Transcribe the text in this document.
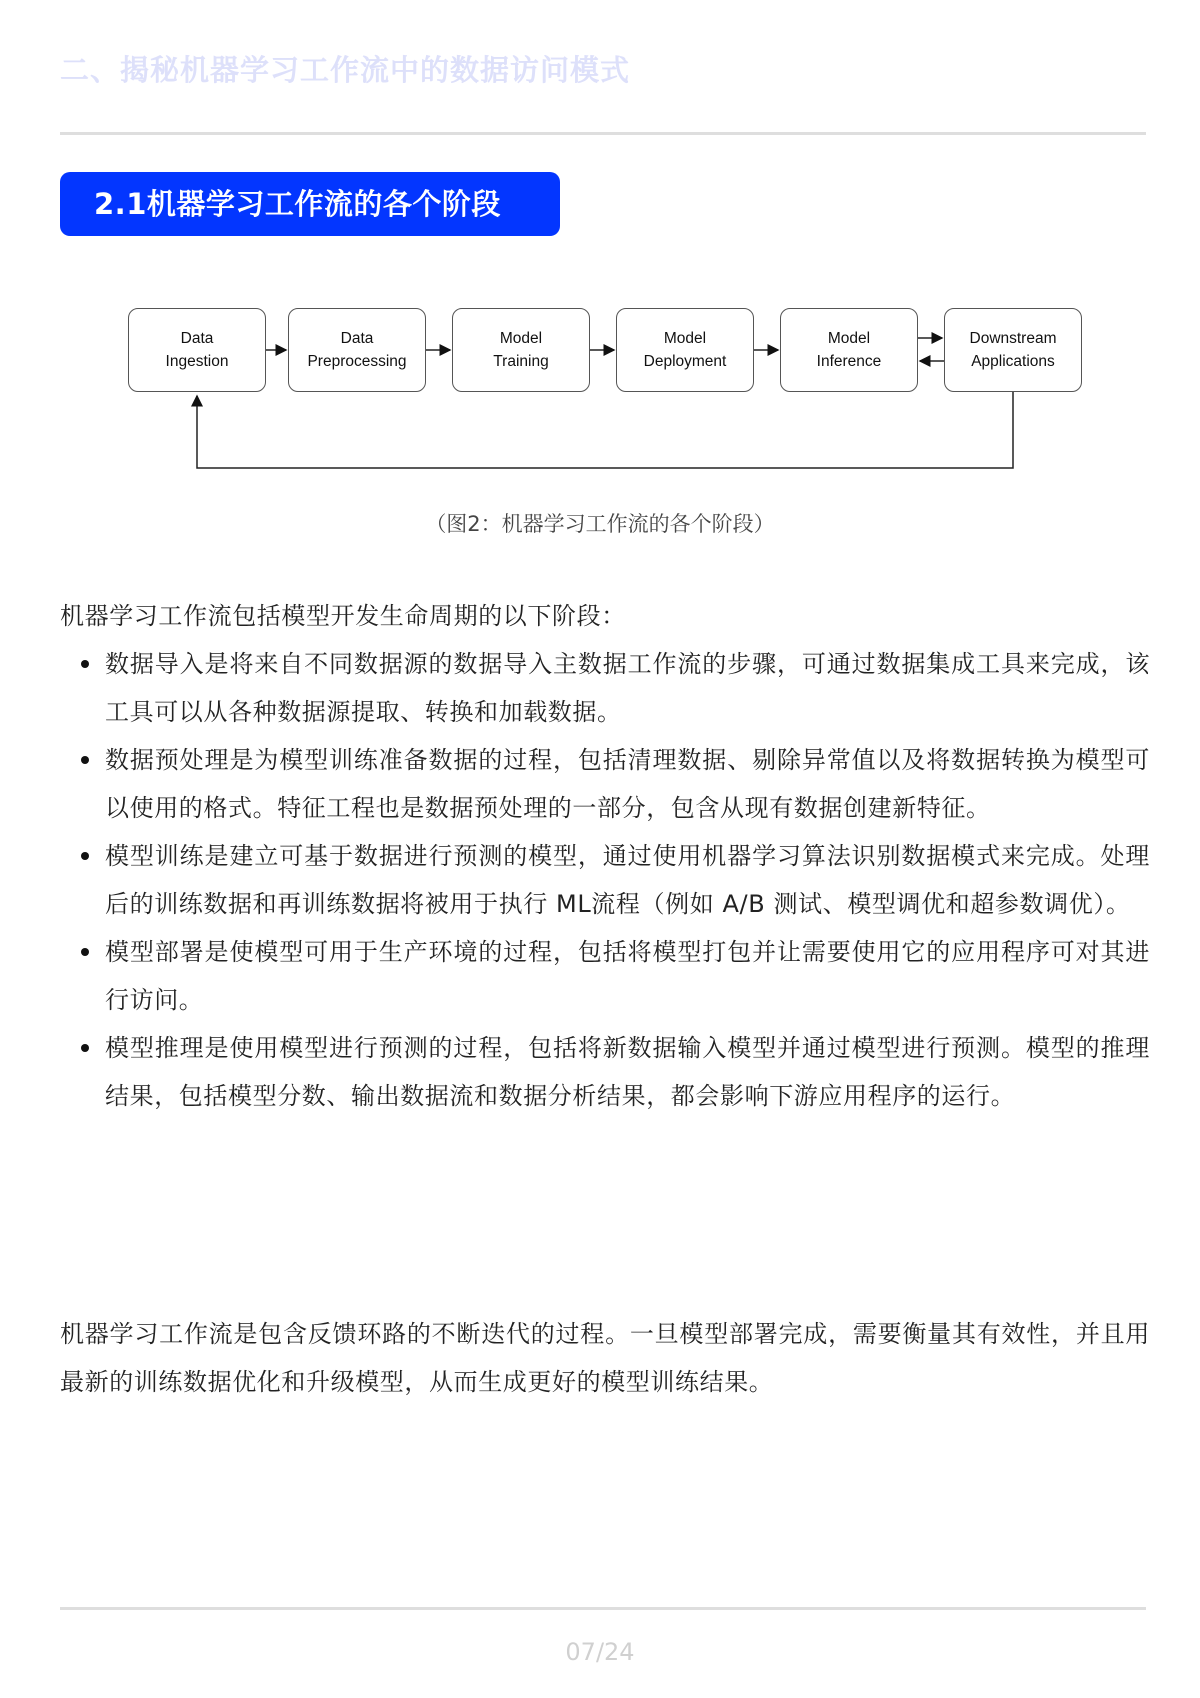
二、揭秘机器学习工作流中的数据访问模式
2.1机器学习工作流的各个阶段
Data
Ingestion
Data
Preprocessing
Model
Training
Model
Deployment
Model
Inference
Downstream
Applications
（图2：机器学习工作流的各个阶段）
机器学习工作流包括模型开发生命周期的以下阶段：
数据导入是将来自不同数据源的数据导入主数据工作流的步骤，可通过数据集成工具来完成，该工具可以从各种数据源提取、转换和加载数据。
数据预处理是为模型训练准备数据的过程，包括清理数据、剔除异常值以及将数据转换为模型可以使用的格式。特征工程也是数据预处理的一部分，包含从现有数据创建新特征。
模型训练是建立可基于数据进行预测的模型，通过使用机器学习算法识别数据模式来完成。处理后的训练数据和再训练数据将被用于执行 ML流程（例如 A/B 测试、模型调优和超参数调优）。
模型部署是使模型可用于生产环境的过程，包括将模型打包并让需要使用它的应用程序可对其进行访问。
模型推理是使用模型进行预测的过程，包括将新数据输入模型并通过模型进行预测。模型的推理结果，包括模型分数、输出数据流和数据分析结果，都会影响下游应用程序的运行。
机器学习工作流是包含反馈环路的不断迭代的过程。一旦模型部署完成，需要衡量其有效性，并且用最新的训练数据优化和升级模型，从而生成更好的模型训练结果。
07/24
